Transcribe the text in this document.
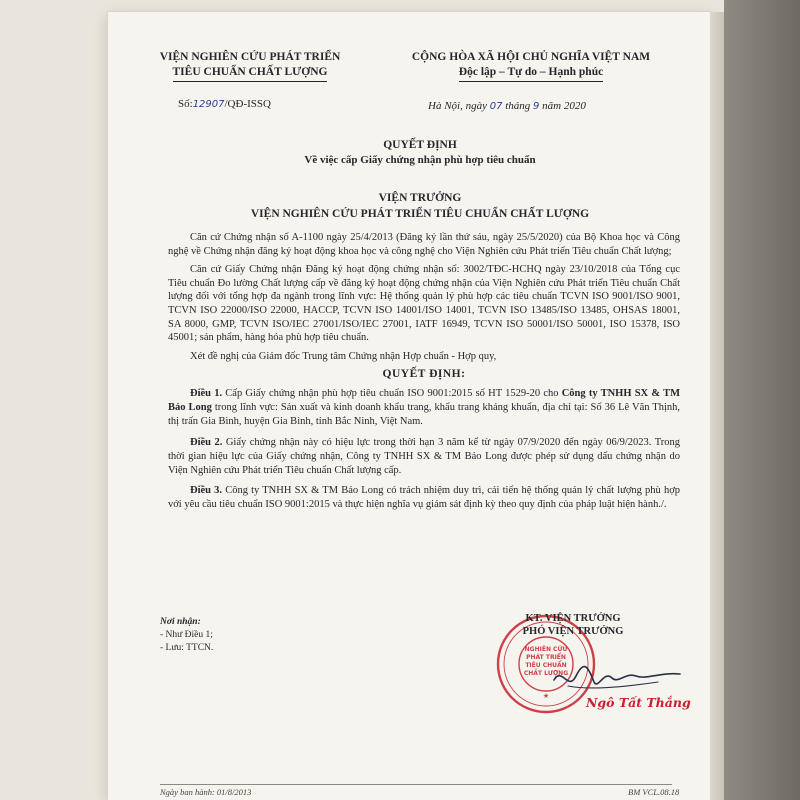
VIỆN NGHIÊN CỨU PHÁT TRIỂN
TIÊU CHUẨN CHẤT LƯỢNG
CỘNG HÒA XÃ HỘI CHỦ NGHĨA VIỆT NAM
Độc lập – Tự do – Hạnh phúc
Số:12907/QĐ-ISSQ	Hà Nội, ngày 07 tháng 9 năm 2020
QUYẾT ĐỊNH
Về việc cấp Giấy chứng nhận phù hợp tiêu chuẩn
VIỆN TRƯỞNG
VIỆN NGHIÊN CỨU PHÁT TRIỂN TIÊU CHUẨN CHẤT LƯỢNG

Căn cứ Chứng nhận số A-1100 ngày 25/4/2013 (Đăng ký lần thứ sáu, ngày 25/5/2020) của Bộ Khoa học và Công nghệ về Chứng nhận đăng ký hoạt động khoa học và công nghệ cho Viện Nghiên cứu Phát triển Tiêu chuẩn Chất lượng;

Căn cứ Giấy Chứng nhận Đăng ký hoạt động chứng nhận số: 3002/TĐC-HCHQ ngày 23/10/2018 của Tổng cục Tiêu chuẩn Đo lường Chất lượng cấp về đăng ký hoạt động chứng nhận của Viện Nghiên cứu Phát triển Tiêu chuẩn Chất lượng đối với tổng hợp đa ngành trong lĩnh vực: Hệ thống quản lý phù hợp các tiêu chuẩn TCVN ISO 9001/ISO 9001, TCVN ISO 22000/ISO 22000, HACCP, TCVN ISO 14001/ISO 14001, TCVN ISO 13485/ISO 13485, OHSAS 18001, SA 8000, GMP, TCVN ISO/IEC 27001/ISO/IEC 27001, IATF 16949, TCVN ISO 50001/ISO 50001, ISO 15378, ISO 45001; sản phẩm, hàng hóa phù hợp tiêu chuẩn.

Xét đề nghị của Giám đốc Trung tâm Chứng nhận Hợp chuẩn - Hợp quy,

QUYẾT ĐỊNH:

Điều 1. Cấp Giấy chứng nhận phù hợp tiêu chuẩn ISO 9001:2015 số HT 1529-20 cho Công ty TNHH SX & TM Bảo Long trong lĩnh vực: Sản xuất và kinh doanh khẩu trang, khẩu trang kháng khuẩn, địa chỉ tại: Số 36 Lê Văn Thịnh, thị trấn Gia Bình, huyện Gia Bình, tỉnh Bắc Ninh, Việt Nam.

Điều 2. Giấy chứng nhận này có hiệu lực trong thời hạn 3 năm kể từ ngày 07/9/2020 đến ngày 06/9/2023. Trong thời gian hiệu lực của Giấy chứng nhận, Công ty TNHH SX & TM Bảo Long được phép sử dụng dấu chứng nhận do Viện Nghiên cứu Phát triển Tiêu chuẩn Chất lượng cấp.

Điều 3. Công ty TNHH SX & TM Bảo Long có trách nhiệm duy trì, cải tiến hệ thống quản lý chất lượng phù hợp với yêu cầu tiêu chuẩn ISO 9001:2015 và thực hiện nghĩa vụ giám sát định kỳ theo quy định của pháp luật hiện hành./.

Nơi nhận:
- Như Điều 1;
- Lưu: TTCN.	NGHIÊN CỨU
PHÁT TRIỂN
TIÊU CHUẨN
CHẤT LƯỢNG
★
KT. VIỆN TRƯỞNG
PHÓ VIỆN TRƯỞNG
Ngô Tất Thắng
Ngày ban hành: 01/8/2013	BM VCL.08.18
